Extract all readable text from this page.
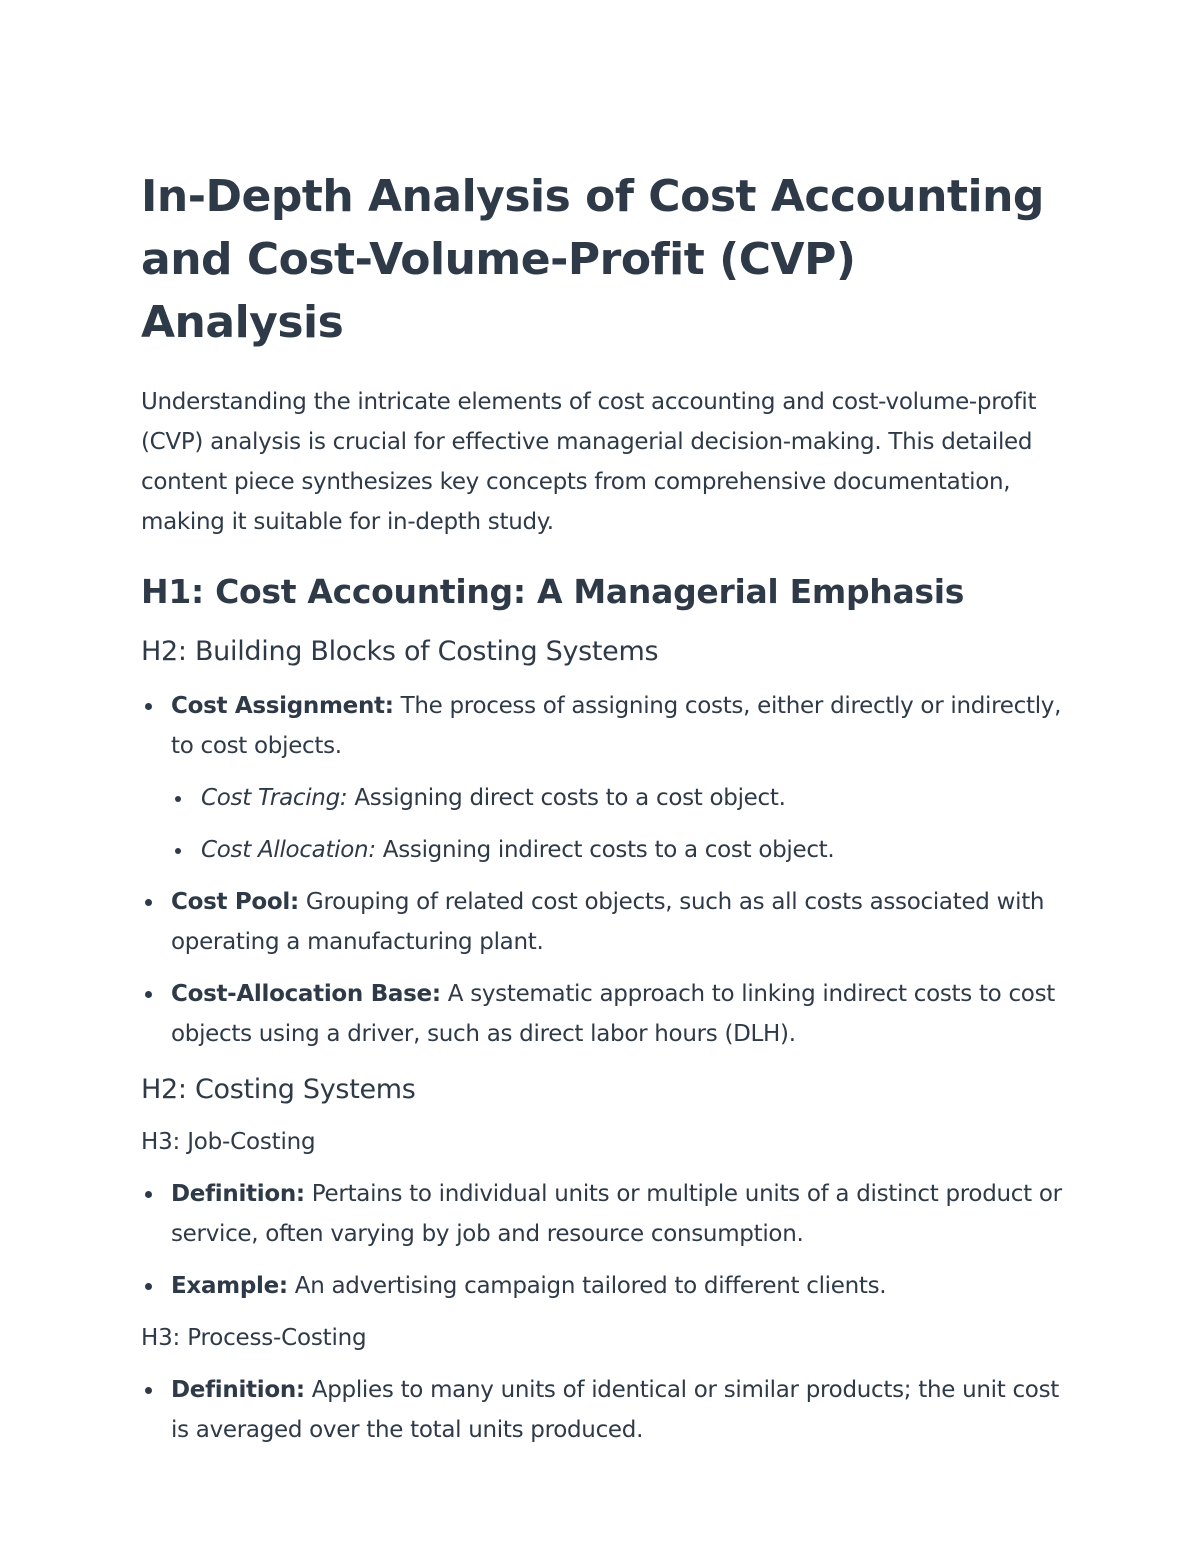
In-Depth Analysis of Cost Accounting and Cost-Volume-Profit (CVP) Analysis

Understanding the intricate elements of cost accounting and cost-volume-profit (CVP) analysis is crucial for effective managerial decision-making. This detailed content piece synthesizes key concepts from comprehensive documentation, making it suitable for in-depth study.

H1: Cost Accounting: A Managerial Emphasis
H2: Building Blocks of Costing Systems
Cost Assignment: The process of assigning costs, either directly or indirectly, to cost objects.
Cost Tracing: Assigning direct costs to a cost object.
Cost Allocation: Assigning indirect costs to a cost object.
Cost Pool: Grouping of related cost objects, such as all costs associated with operating a manufacturing plant.
Cost-Allocation Base: A systematic approach to linking indirect costs to cost objects using a driver, such as direct labor hours (DLH).
H2: Costing Systems
H3: Job-Costing
Definition: Pertains to individual units or multiple units of a distinct product or service, often varying by job and resource consumption.
Example: An advertising campaign tailored to different clients.
H3: Process-Costing
Definition: Applies to many units of identical or similar products; the unit cost is averaged over the total units produced.
